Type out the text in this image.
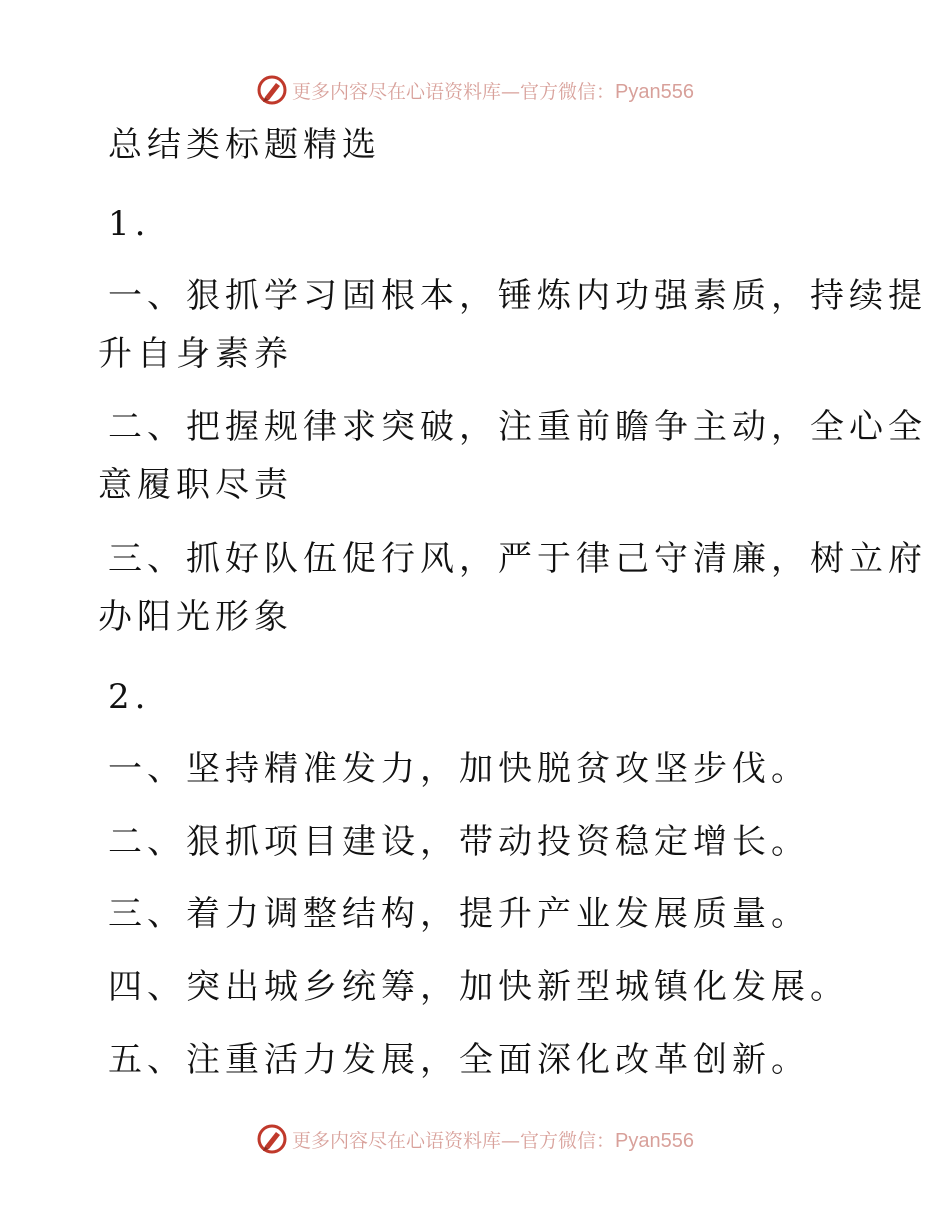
更多内容尽在心语资料库—官方微信：Pyan556
总结类标题精选
1.
一、狠抓学习固根本，锤炼内功强素质，持续提
升自身素养
二、把握规律求突破，注重前瞻争主动，全心全
意履职尽责
三、抓好队伍促行风，严于律己守清廉，树立府
办阳光形象
2.
一、坚持精准发力，加快脱贫攻坚步伐。
二、狠抓项目建设，带动投资稳定增长。
三、着力调整结构，提升产业发展质量。
四、突出城乡统筹，加快新型城镇化发展。
五、注重活力发展，全面深化改革创新。
更多内容尽在心语资料库—官方微信：Pyan556
